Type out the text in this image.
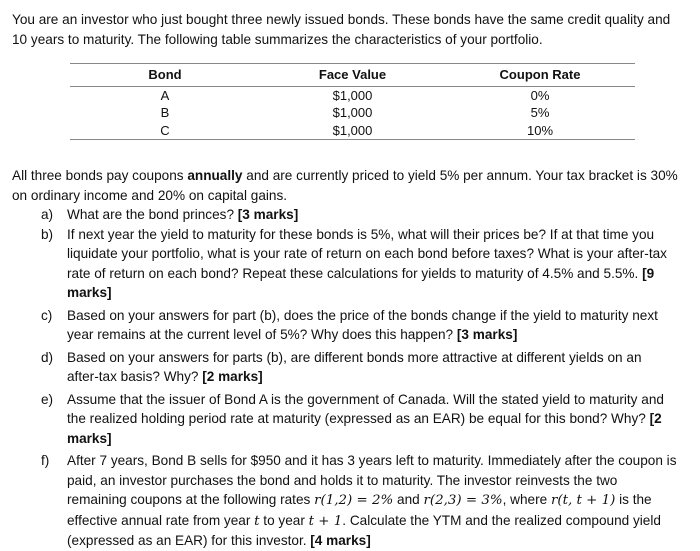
You are an investor who just bought three newly issued bonds. These bonds have the same credit quality and 10 years to maturity. The following table summarizes the characteristics of your portfolio.

Bond	Face Value	Coupon Rate
A	$1,000	0%
B	$1,000	5%
C	$1,000	10%

All three bonds pay coupons annually and are currently priced to yield 5% per annum. Your tax bracket is 30% on ordinary income and 20% on capital gains.

a) What are the bond princes? [3 marks]
b) If next year the yield to maturity for these bonds is 5%, what will their prices be? If at that time you liquidate your portfolio, what is your rate of return on each bond before taxes? What is your after-tax rate of return on each bond? Repeat these calculations for yields to maturity of 4.5% and 5.5%. [9 marks]
c) Based on your answers for part (b), does the price of the bonds change if the yield to maturity next year remains at the current level of 5%? Why does this happen? [3 marks]
d) Based on your answers for parts (b), are different bonds more attractive at different yields on an after-tax basis? Why? [2 marks]
e) Assume that the issuer of Bond A is the government of Canada. Will the stated yield to maturity and the realized holding period rate at maturity (expressed as an EAR) be equal for this bond? Why? [2 marks]
f) After 7 years, Bond B sells for $950 and it has 3 years left to maturity. Immediately after the coupon is paid, an investor purchases the bond and holds it to maturity. The investor reinvests the two remaining coupons at the following rates r(1,2) = 2% and r(2,3) = 3%, where r(t, t + 1) is the effective annual rate from year t to year t + 1. Calculate the YTM and the realized compound yield (expressed as an EAR) for this investor. [4 marks]
